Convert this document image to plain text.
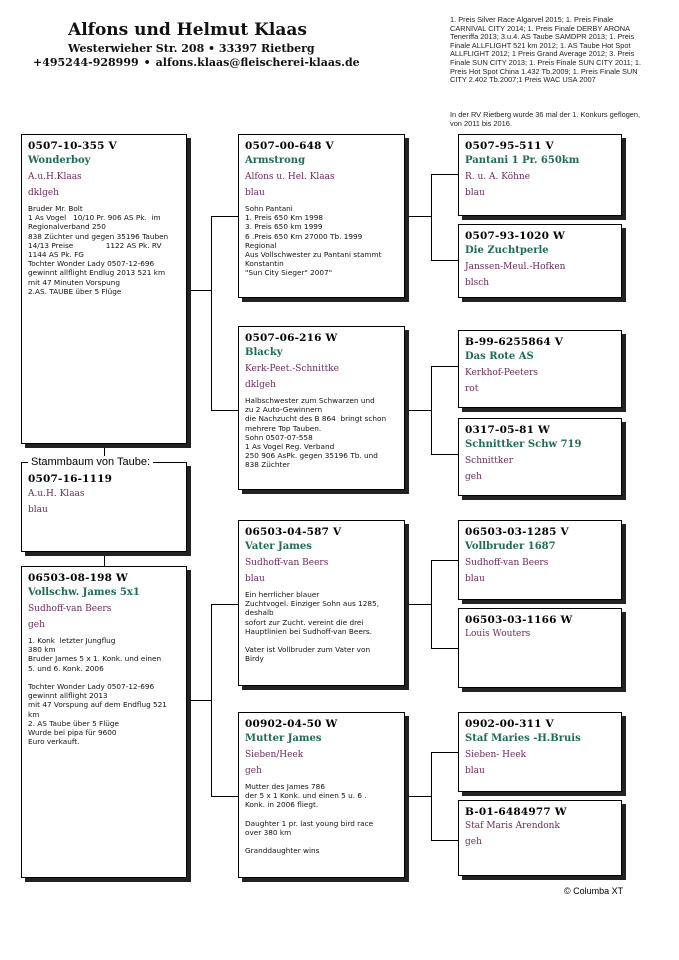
Alfons und Helmut Klaas
Westerwieher Str. 208 • 33397 Rietberg
+495244-928999 • alfons.klaas@fleischerei-klaas.de
1. Preis Silver Race Algarvel 2015; 1. Preis Finale CARNIVAL CITY 2014; 1. Preis Finale DERBY ARONA Teneriffa 2013; 3.u.4. AS Taube SAMDPR 2013; 1. Preis Finale ALLFLIGHT 521 km 2012; 1. AS Taube Hot Spot ALLFLIGHT 2012; 1 Preis Grand Average 2012; 3. Preis Finale SUN CITY 2013; 1. Preis Finale SUN CITY 2011; 1. Preis Hot Spot China 1.432 Tb.2009; 1. Preis Finale SUN CITY 2.402 Tb.2007;1 Preis WAC USA 2007
In der RV Rietberg wurde 36 mal der 1. Konkurs geflogen, von 2011 bis 2016.
0507-10-355 V
Wonderboy
A.u.H.Klaas
dklgeh
Bruder Mr. Bolt
1 As Vogel   10/10 Pr. 906 AS Pk.  im
Regionalverband 250
838 Züchter und gegen 35196 Tauben
14/13 Preise              1122 AS Pk. RV
1144 AS Pk. FG
Tochter Wonder Lady 0507-12-696
gewinnt allflight Endlug 2013 521 km
mit 47 Minuten Vorspung
2.AS. TAUBE über 5 Flüge
0507-16-1119
A.u.H. Klaas
blau
Stammbaum von Taube:
06503-08-198 W
Vollschw. James 5x1
Sudhoff-van Beers
geh
1. Konk  letzter Jungflug
380 km
Bruder James 5 x 1. Konk. und einen
5. und 6. Konk. 2006
Tochter Wonder Lady 0507-12-696
gewinnt allflight 2013
mit 47 Vorspung auf dem Endflug 521
km
2. AS Taube über 5 Flüge
Wurde bei pipa für 9600
Euro verkauft.
0507-00-648 V
Armstrong
Alfons u. Hel. Klaas
blau
Sohn Pantani
1. Preis 650 Km 1998
3. Preis 650 km 1999
6 .Preis 650 Km 27000 Tb. 1999
Regional
Aus Vollschwester zu Pantani stammt
Konstantin
"Sun City Sieger" 2007"
0507-06-216 W
Blacky
Kerk-Peet.-Schnittke
dklgeh
Halbschwester zum Schwarzen und
zu 2 Auto-Gewinnern
die Nachzucht des B 864  bringt schon
mehrere Top Tauben.
Sohn 0507-07-558
1 As Vogel Reg. Verband
250 906 AsPk. gegen 35196 Tb. und
838 Züchter
06503-04-587 V
Vater James
Sudhoff-van Beers
blau
Ein herrlicher blauer
Zuchtvogel. Einziger Sohn aus 1285,
deshalb
sofort zur Zucht. vereint die drei
Hauptlinien bei Sudhoff-van Beers.
Vater ist Vollbruder zum Vater von
Birdy
00902-04-50 W
Mutter James
Sieben/Heek
geh
Mutter des James 786
der 5 x 1 Konk. und einen 5 u. 6 .
Konk. in 2006 fliegt.
Daughter 1 pr. last young bird race
over 380 km
Granddaughter wins
0507-95-511 V
Pantani 1 Pr. 650km
R. u. A. Köhne
blau
0507-93-1020 W
Die Zuchtperle
Janssen-Meul.-Hofken
blsch
B-99-6255864 V
Das Rote AS
Kerkhof-Peeters
rot
0317-05-81 W
Schnittker Schw 719
Schnittker
geh
06503-03-1285 V
Vollbruder 1687
Sudhoff-van Beers
blau
06503-03-1166 W
Louis Wouters
0902-00-311 V
Staf Maries -H.Bruis
Sieben- Heek
blau
B-01-6484977 W
Staf Maris Arendonk
geh
© Columba XT
